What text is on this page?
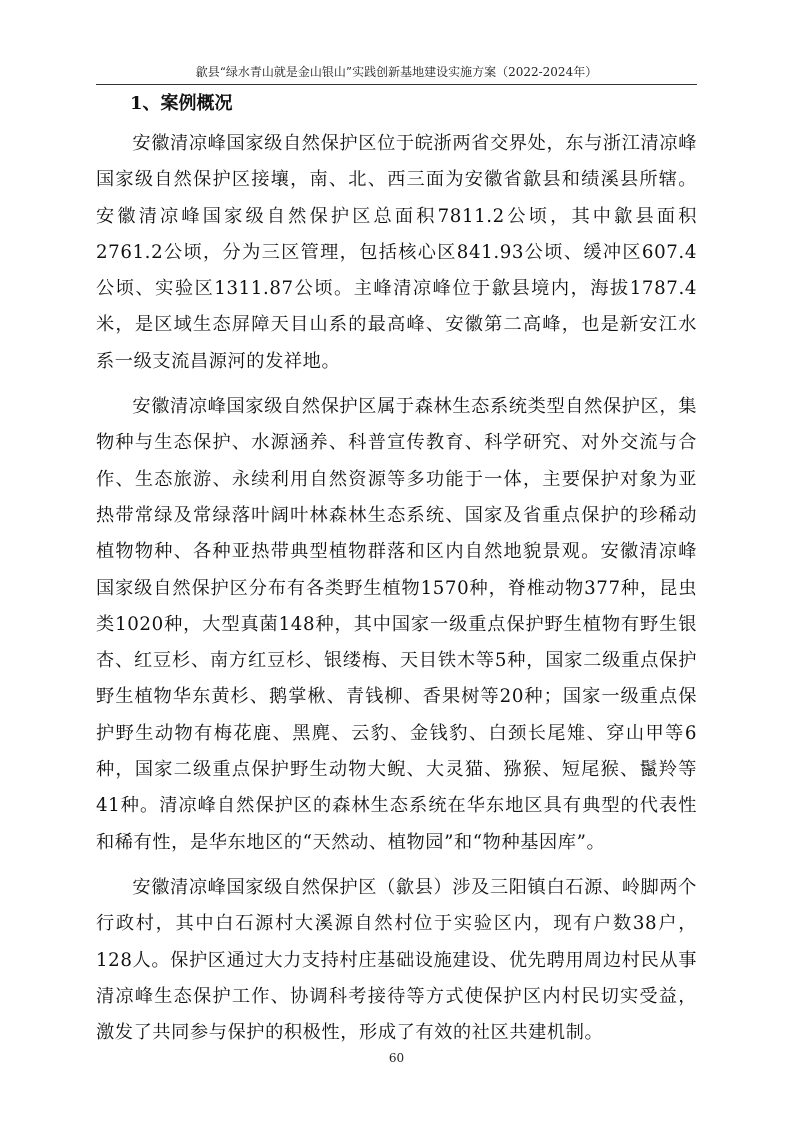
歙县“绿水青山就是金山银山”实践创新基地建设实施方案（2022-2024年）
1、案例概况

安徽清凉峰国家级自然保护区位于皖浙两省交界处，东与浙江清凉峰国家级自然保护区接壤，南、北、西三面为安徽省歙县和绩溪县所辖。安徽清凉峰国家级自然保护区总面积7811.2公顷，其中歙县面积2761.2公顷，分为三区管理，包括核心区841.93公顷、缓冲区607.4公顷、实验区1311.87公顷。主峰清凉峰位于歙县境内，海拔1787.4米，是区域生态屏障天目山系的最高峰、安徽第二高峰，也是新安江水系一级支流昌源河的发祥地。

安徽清凉峰国家级自然保护区属于森林生态系统类型自然保护区，集物种与生态保护、水源涵养、科普宣传教育、科学研究、对外交流与合作、生态旅游、永续利用自然资源等多功能于一体，主要保护对象为亚热带常绿及常绿落叶阔叶林森林生态系统、国家及省重点保护的珍稀动植物物种、各种亚热带典型植物群落和区内自然地貌景观。安徽清凉峰国家级自然保护区分布有各类野生植物1570种，脊椎动物377种，昆虫类1020种，大型真菌148种，其中国家一级重点保护野生植物有野生银杏、红豆杉、南方红豆杉、银缕梅、天目铁木等5种，国家二级重点保护野生植物华东黄杉、鹅掌楸、青钱柳、香果树等20种；国家一级重点保护野生动物有梅花鹿、黑麂、云豹、金钱豹、白颈长尾雉、穿山甲等6种，国家二级重点保护野生动物大鲵、大灵猫、猕猴、短尾猴、鬣羚等41种。清凉峰自然保护区的森林生态系统在华东地区具有典型的代表性和稀有性，是华东地区的“天然动、植物园”和“物种基因库”。

安徽清凉峰国家级自然保护区（歙县）涉及三阳镇白石源、岭脚两个行政村，其中白石源村大溪源自然村位于实验区内，现有户数38户，128人。保护区通过大力支持村庄基础设施建设、优先聘用周边村民从事清凉峰生态保护工作、协调科考接待等方式使保护区内村民切实受益，激发了共同参与保护的积极性，形成了有效的社区共建机制。

60
